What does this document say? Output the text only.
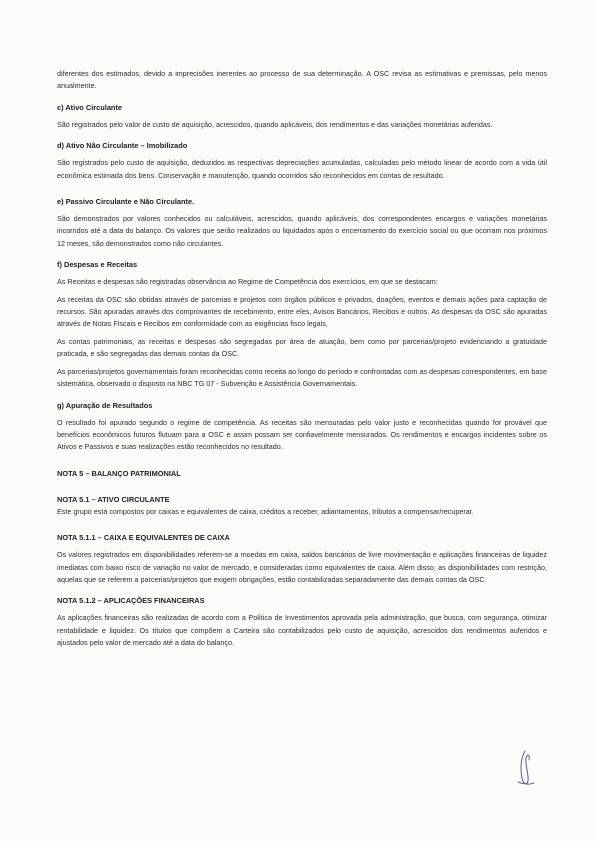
diferentes dos estimados, devido a imprecisões inerentes ao processo de sua determinação. A OSC revisa as estimativas e premissas, pelo menos anualmente.

c) Ativo Circulante

São registrados pelo valor de custo de aquisição, acrescidos, quando aplicáveis, dos rendimentos e das variações monetárias auferidas.

d) Ativo Não Circulante – Imobilizado

São registrados pelo custo de aquisição, deduzidos as respectivas depreciações acumuladas, calculadas pelo método linear de acordo com a vida útil econômica estimada dos bens. Conservação e manutenção, quando ocorridos são reconhecidos em contas de resultado.

e) Passivo Circulante e Não Circulante.

São demonstrados por valores conhecidos ou calculáveis, acrescidos, quando aplicáveis, dos correspondentes encargos e variações monetárias incorridos até a data do balanço. Os valores que serão realizados ou liquidados após o encerramento do exercício social ou que ocorram nos próximos 12 meses, são demonstrados como não circulantes.

f) Despesas e Receitas

As Receitas e despesas são registradas observância ao Regime de Competência dos exercícios, em que se destacam:

As receitas da OSC são obtidas através de parcerias e projetos com órgãos públicos e privados, doações, eventos e demais ações para captação de recursos. São apuradas através dos comprovantes de recebimento, entre eles, Avisos Bancários, Recibos e outros. As despesas da OSC são apuradas através de Notas Fiscais e Recibos em conformidade com as exigências fisco legais.

As contas patrimoniais, as receitas e despesas são segregadas por área de atuação, bem como por parcerias/projeto evidenciando a gratuidade praticada, e são segregadas das demais contas da OSC.

As parcerias/projetos governamentais foram reconhecidas como receita ao longo do período e confrontadas com as despesas correspondentes, em base sistemática, observado o disposto na NBC TG 07 - Subvenção e Assistência Governamentais.

g) Apuração de Resultados

O resultado foi apurado segundo o regime de competência. As receitas são mensuradas pelo valor justo e reconhecidas quando for provável que benefícios econômicos futuros flutuam para a OSC e assim possam ser confiavelmente mensurados. Os rendimentos e encargos incidentes sobre os Ativos e Passivos e suas realizações estão reconhecidos no resultado.

NOTA 5 – BALANÇO PATRIMONIAL
NOTA 5.1 – ATIVO CIRCULANTE

Este grupo está compostos por caixas e equivalentes de caixa, créditos a receber, adiantamentos, tributos a compensar/recuperar.

NOTA 5.1.1 – CAIXA E EQUIVALENTES DE CAIXA

Os valores registrados em disponibilidades referem-se a moedas em caixa, saldos bancários de livre movimentação e aplicações financeiras de liquidez imediatas com baixo risco de variação no valor de mercado, e consideradas como equivalentes de caixa. Além disso, as disponibilidades com restrição, aquelas que se referem a parcerias/projetos que exigem obrigações, estão contabilizadas separadamente das demais contas da OSC.

NOTA 5.1.2 – APLICAÇÕES FINANCEIRAS

As aplicações financeiras são realizadas de acordo com a Política de Investimentos aprovada pela administração, que busca, com segurança, otimizar rentabilidade e liquidez. Os títulos que compõem a Carteira são contabilizados pelo custo de aquisição, acrescidos dos rendimentos auferidos e ajustados pelo valor de mercado até a data do balanço.
